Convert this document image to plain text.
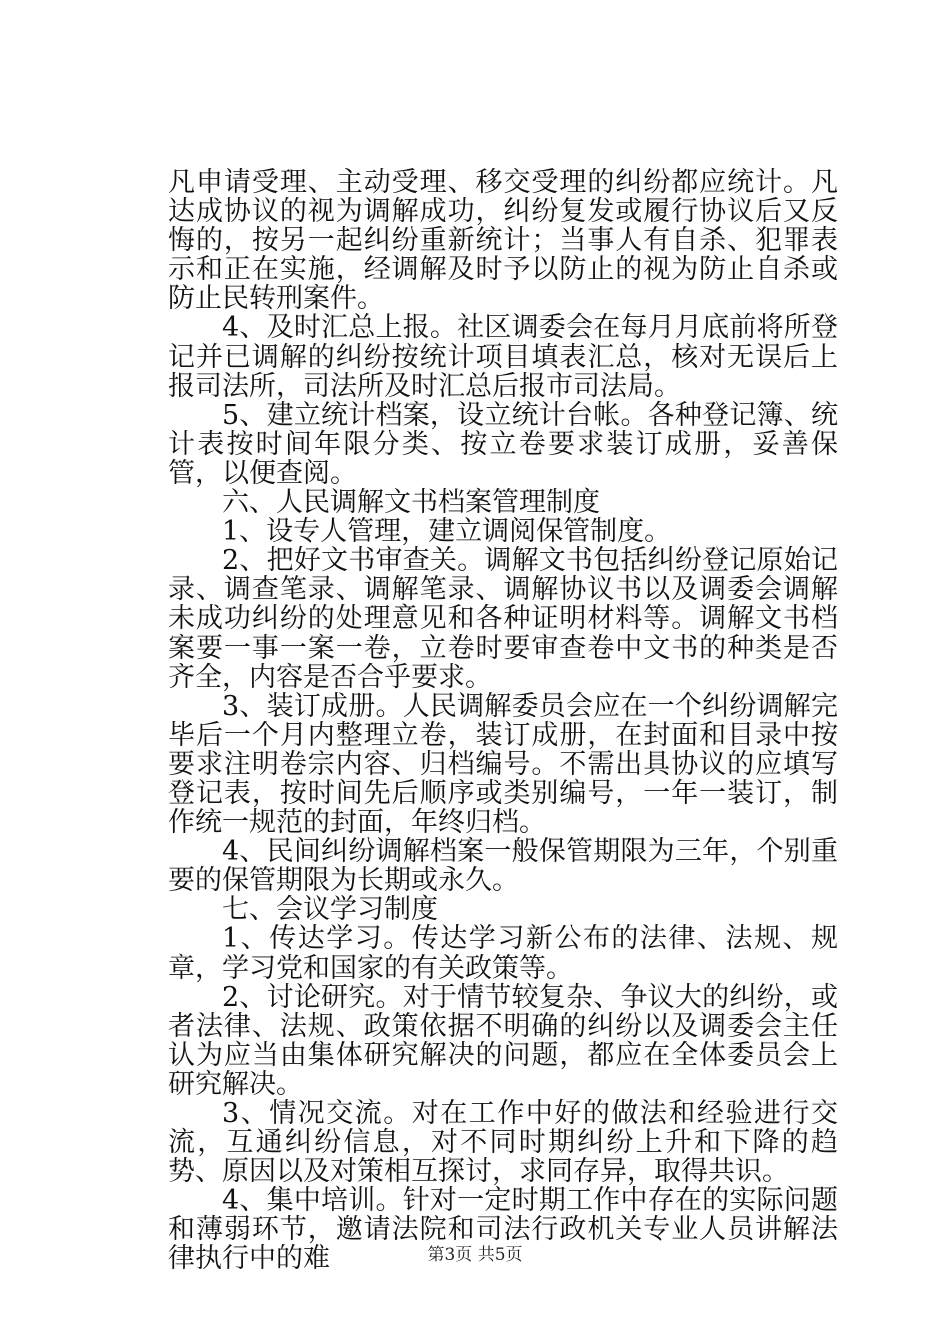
凡申请受理、主动受理、移交受理的纠纷都应统计。凡达成协议的视为调解成功，纠纷复发或履行协议后又反悔的，按另一起纠纷重新统计；当事人有自杀、犯罪表示和正在实施，经调解及时予以防止的视为防止自杀或防止民转刑案件。

4、及时汇总上报。社区调委会在每月月底前将所登记并已调解的纠纷按统计项目填表汇总，核对无误后上报司法所，司法所及时汇总后报市司法局。

5、建立统计档案，设立统计台帐。各种登记簿、统计表按时间年限分类、按立卷要求装订成册，妥善保管，以便查阅。

六、人民调解文书档案管理制度

1、设专人管理，建立调阅保管制度。

2、把好文书审查关。调解文书包括纠纷登记原始记录、调查笔录、调解笔录、调解协议书以及调委会调解未成功纠纷的处理意见和各种证明材料等。调解文书档案要一事一案一卷，立卷时要审查卷中文书的种类是否齐全，内容是否合乎要求。

3、装订成册。人民调解委员会应在一个纠纷调解完毕后一个月内整理立卷，装订成册，在封面和目录中按要求注明卷宗内容、归档编号。不需出具协议的应填写登记表，按时间先后顺序或类别编号，一年一装订，制作统一规范的封面，年终归档。

4、民间纠纷调解档案一般保管期限为三年，个别重要的保管期限为长期或永久。

七、会议学习制度

1、传达学习。传达学习新公布的法律、法规、规章，学习党和国家的有关政策等。

2、讨论研究。对于情节较复杂、争议大的纠纷，或者法律、法规、政策依据不明确的纠纷以及调委会主任认为应当由集体研究解决的问题，都应在全体委员会上研究解决。

3、情况交流。对在工作中好的做法和经验进行交流，互通纠纷信息，对不同时期纠纷上升和下降的趋势、原因以及对策相互探讨，求同存异，取得共识。

4、集中培训。针对一定时期工作中存在的实际问题和薄弱环节，邀请法院和司法行政机关专业人员讲解法律执行中的难	第3页 共5页
